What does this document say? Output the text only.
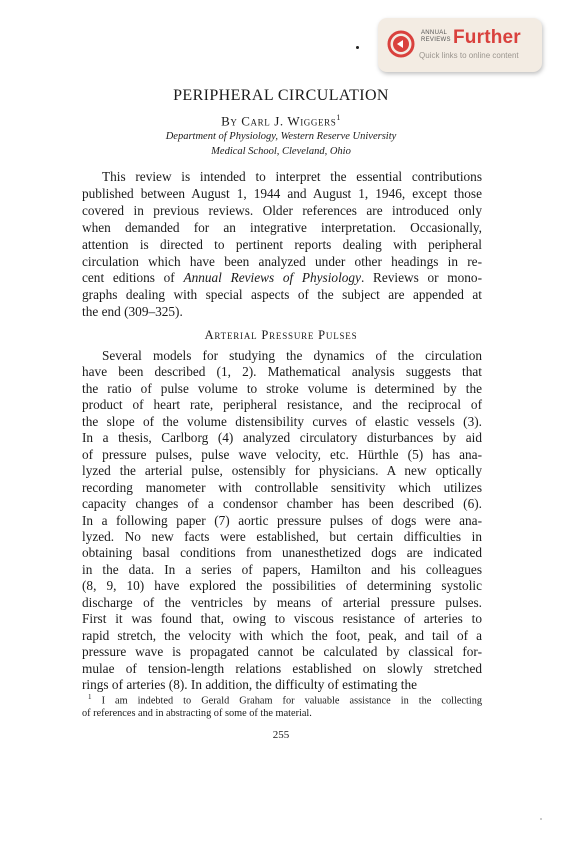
ANNUAL
REVIEWS Further
Quick links to online content
PERIPHERAL CIRCULATION
By Carl J. Wiggers$^1$
Department of Physiology, Western Reserve University
Medical School, Cleveland, Ohio
This review is intended to interpret the essential contributions
published between August 1, 1944 and August 1, 1946, except those
covered in previous reviews. Older references are introduced only
when demanded for an integrative interpretation. Occasionally,
attention is directed to pertinent reports dealing with peripheral
circulation which have been analyzed under other headings in re-
cent editions of Annual Reviews of Physiology. Reviews or mono-
graphs dealing with special aspects of the subject are appended at
the end (309–325).
Arterial Pressure Pulses
Several models for studying the dynamics of the circulation
have been described (1, 2). Mathematical analysis suggests that
the ratio of pulse volume to stroke volume is determined by the
product of heart rate, peripheral resistance, and the reciprocal of
the slope of the volume distensibility curves of elastic vessels (3).
In a thesis, Carlborg (4) analyzed circulatory disturbances by aid
of pressure pulses, pulse wave velocity, etc. Hürthle (5) has ana-
lyzed the arterial pulse, ostensibly for physicians. A new optically
recording manometer with controllable sensitivity which utilizes
capacity changes of a condensor chamber has been described (6).
In a following paper (7) aortic pressure pulses of dogs were ana-
lyzed. No new facts were established, but certain difficulties in
obtaining basal conditions from unanesthetized dogs are indicated
in the data. In a series of papers, Hamilton and his colleagues
(8, 9, 10) have explored the possibilities of determining systolic
discharge of the ventricles by means of arterial pressure pulses.
First it was found that, owing to viscous resistance of arteries to
rapid stretch, the velocity with which the foot, peak, and tail of a
pressure wave is propagated cannot be calculated by classical for-
mulae of tension-length relations established on slowly stretched
rings of arteries (8). In addition, the difficulty of estimating the
$^1$ I am indebted to Gerald Graham for valuable assistance in the collecting
of references and in abstracting of some of the material.
255
